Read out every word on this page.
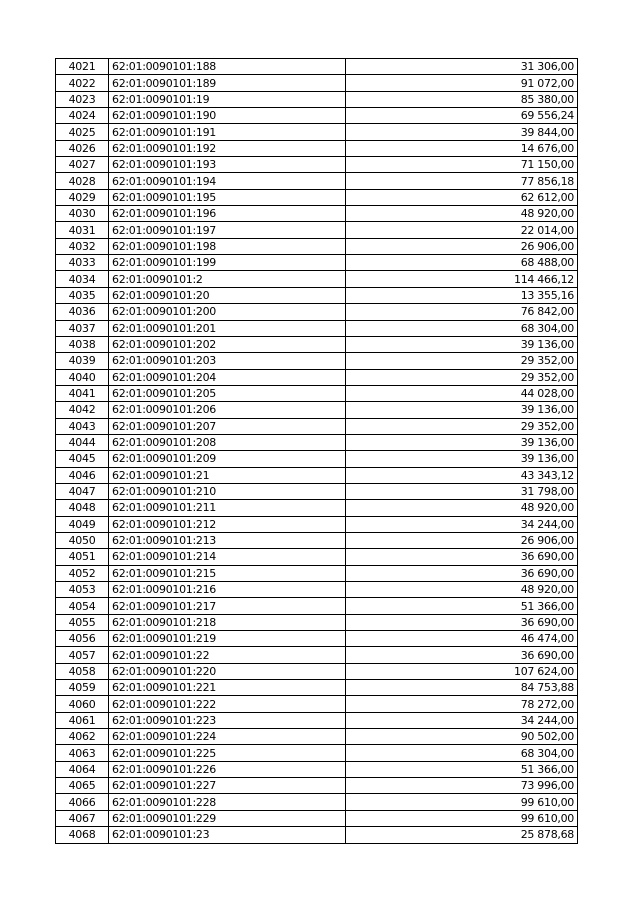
4021	62:01:0090101:188	31 306,00
4022	62:01:0090101:189	91 072,00
4023	62:01:0090101:19	85 380,00
4024	62:01:0090101:190	69 556,24
4025	62:01:0090101:191	39 844,00
4026	62:01:0090101:192	14 676,00
4027	62:01:0090101:193	71 150,00
4028	62:01:0090101:194	77 856,18
4029	62:01:0090101:195	62 612,00
4030	62:01:0090101:196	48 920,00
4031	62:01:0090101:197	22 014,00
4032	62:01:0090101:198	26 906,00
4033	62:01:0090101:199	68 488,00
4034	62:01:0090101:2	114 466,12
4035	62:01:0090101:20	13 355,16
4036	62:01:0090101:200	76 842,00
4037	62:01:0090101:201	68 304,00
4038	62:01:0090101:202	39 136,00
4039	62:01:0090101:203	29 352,00
4040	62:01:0090101:204	29 352,00
4041	62:01:0090101:205	44 028,00
4042	62:01:0090101:206	39 136,00
4043	62:01:0090101:207	29 352,00
4044	62:01:0090101:208	39 136,00
4045	62:01:0090101:209	39 136,00
4046	62:01:0090101:21	43 343,12
4047	62:01:0090101:210	31 798,00
4048	62:01:0090101:211	48 920,00
4049	62:01:0090101:212	34 244,00
4050	62:01:0090101:213	26 906,00
4051	62:01:0090101:214	36 690,00
4052	62:01:0090101:215	36 690,00
4053	62:01:0090101:216	48 920,00
4054	62:01:0090101:217	51 366,00
4055	62:01:0090101:218	36 690,00
4056	62:01:0090101:219	46 474,00
4057	62:01:0090101:22	36 690,00
4058	62:01:0090101:220	107 624,00
4059	62:01:0090101:221	84 753,88
4060	62:01:0090101:222	78 272,00
4061	62:01:0090101:223	34 244,00
4062	62:01:0090101:224	90 502,00
4063	62:01:0090101:225	68 304,00
4064	62:01:0090101:226	51 366,00
4065	62:01:0090101:227	73 996,00
4066	62:01:0090101:228	99 610,00
4067	62:01:0090101:229	99 610,00
4068	62:01:0090101:23	25 878,68
